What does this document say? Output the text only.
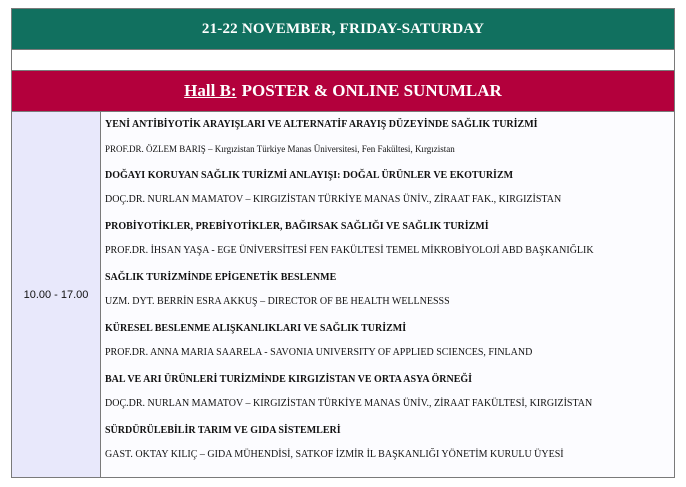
21-22 NOVEMBER, FRIDAY-SATURDAY
Hall B: POSTER & ONLINE SUNUMLAR
10.00 - 17.00
YENİ ANTİBİYOTİK ARAYIŞLARI VE ALTERNATİF ARAYIŞ DÜZEYİNDE SAĞLIK TURİZMİ
PROF.DR. ÖZLEM BARIŞ – Kırgızistan Türkiye Manas Üniversitesi, Fen Fakültesi, Kırgızistan
DOĞAYI KORUYAN SAĞLIK TURİZMİ ANLAYIŞI: DOĞAL ÜRÜNLER VE EKOTURİZM
DOÇ.DR. NURLAN MAMATOV – KIRGIZİSTAN TÜRKİYE MANAS ÜNİV., ZİRAAT FAK., KIRGIZİSTAN
PROBİYOTİKLER, PREBİYOTİKLER, BAĞIRSAK SAĞLIĞI VE SAĞLIK TURİZMİ
PROF.DR. İHSAN YAŞA - EGE ÜNİVERSİTESİ FEN FAKÜLTESİ TEMEL MİKROBİYOLOJİ ABD BAŞKANIĞLIK
SAĞLIK TURİZMİNDE EPİGENETİK BESLENME
UZM. DYT. BERRİN ESRA AKKUŞ – DIRECTOR OF BE HEALTH WELLNESSS
KÜRESEL BESLENME ALIŞKANLIKLARI VE SAĞLIK TURİZMİ
PROF.DR. ANNA MARIA SAARELA - SAVONIA UNIVERSITY OF APPLIED SCIENCES, FINLAND
BAL VE ARI ÜRÜNLERİ TURİZMİNDE KIRGIZİSTAN VE ORTA ASYA ÖRNEĞİ
DOÇ.DR. NURLAN MAMATOV – KIRGIZİSTAN TÜRKİYE MANAS ÜNİV., ZİRAAT FAKÜLTESİ, KIRGIZİSTAN
SÜRDÜRÜLEBİLİR TARIM VE GIDA SİSTEMLERİ
GAST. OKTAY KILIÇ – GIDA MÜHENDİSİ, SATKOF İZMİR İL BAŞKANLIĞI YÖNETİM KURULU ÜYESİ
